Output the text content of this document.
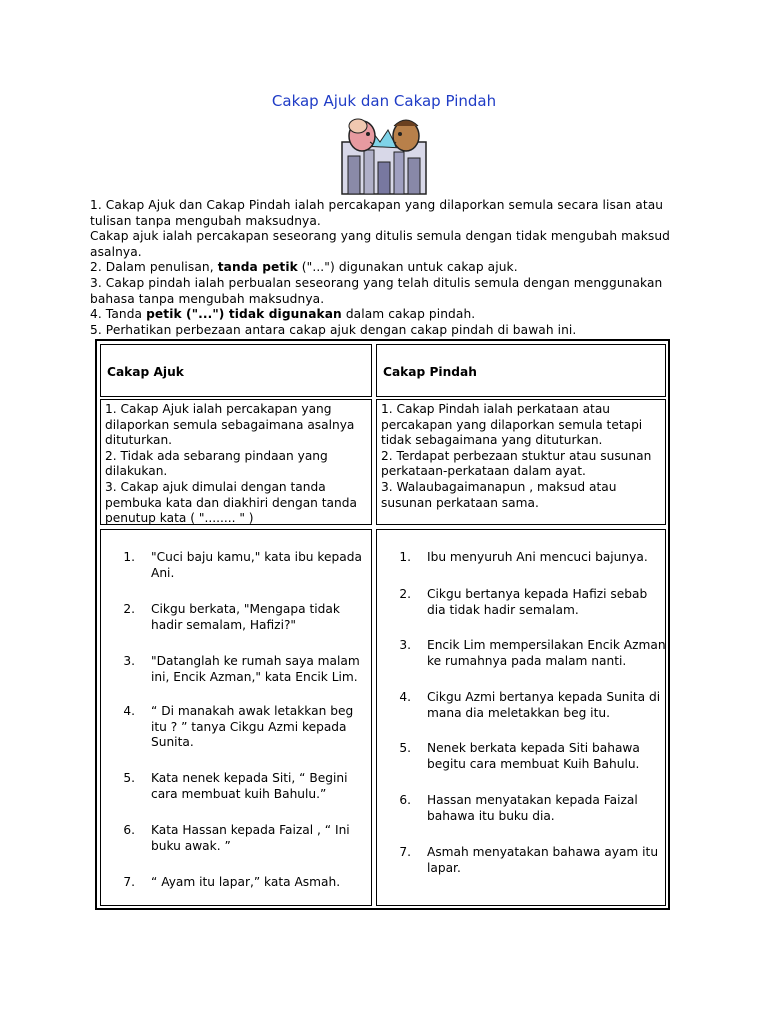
Cakap Ajuk dan Cakap Pindah

1. Cakap Ajuk dan Cakap Pindah ialah percakapan yang dilaporkan semula secara lisan atau tulisan tanpa mengubah maksudnya.

Cakap ajuk ialah percakapan seseorang yang ditulis semula dengan tidak mengubah maksud asalnya.

2. Dalam penulisan, tanda petik ("...") digunakan untuk cakap ajuk.

3. Cakap pindah ialah perbualan seseorang yang telah ditulis semula dengan menggunakan bahasa tanpa mengubah maksudnya.

4. Tanda petik ("...") tidak digunakan dalam cakap pindah.

5. Perhatikan perbezaan antara cakap ajuk dengan cakap pindah di bawah ini.

Cakap Ajuk	Cakap Pindah
1. Cakap Ajuk ialah percakapan yang
dilaporkan semula sebagaimana asalnya
dituturkan.
2. Tidak ada sebarang pindaan yang
dilakukan.
3. Cakap ajuk dimulai dengan tanda
pembuka kata dan diakhiri dengan tanda
penutup kata ( "........ " )
1. Cakap Pindah ialah perkataan atau
percakapan yang dilaporkan semula tetapi
tidak sebagaimana yang dituturkan.
2. Terdapat perbezaan stuktur atau susunan
perkataan-perkataan dalam ayat.
3. Walaubagaimanapun , maksud atau
susunan perkataan sama.
1. "Cuci baju kamu," kata ibu kepada
Ani.
2. Cikgu berkata, "Mengapa tidak
hadir semalam, Hafizi?"
3. "Datanglah ke rumah saya malam
ini, Encik Azman," kata Encik Lim.
4. “ Di manakah awak letakkan beg
itu ? ” tanya Cikgu Azmi kepada
Sunita.
5. Kata nenek kepada Siti, “ Begini
cara membuat kuih Bahulu.”
6. Kata Hassan kepada Faizal , “ Ini
buku awak. ”
7. “ Ayam itu lapar,” kata Asmah.
1. Ibu menyuruh Ani mencuci bajunya.
2. Cikgu bertanya kepada Hafizi sebab
dia tidak hadir semalam.
3. Encik Lim mempersilakan Encik Azman
ke rumahnya pada malam nanti.
4. Cikgu Azmi bertanya kepada Sunita di
mana dia meletakkan beg itu.
5. Nenek berkata kepada Siti bahawa
begitu cara membuat Kuih Bahulu.
6. Hassan menyatakan kepada Faizal
bahawa itu buku dia.
7. Asmah menyatakan bahawa ayam itu
lapar.
